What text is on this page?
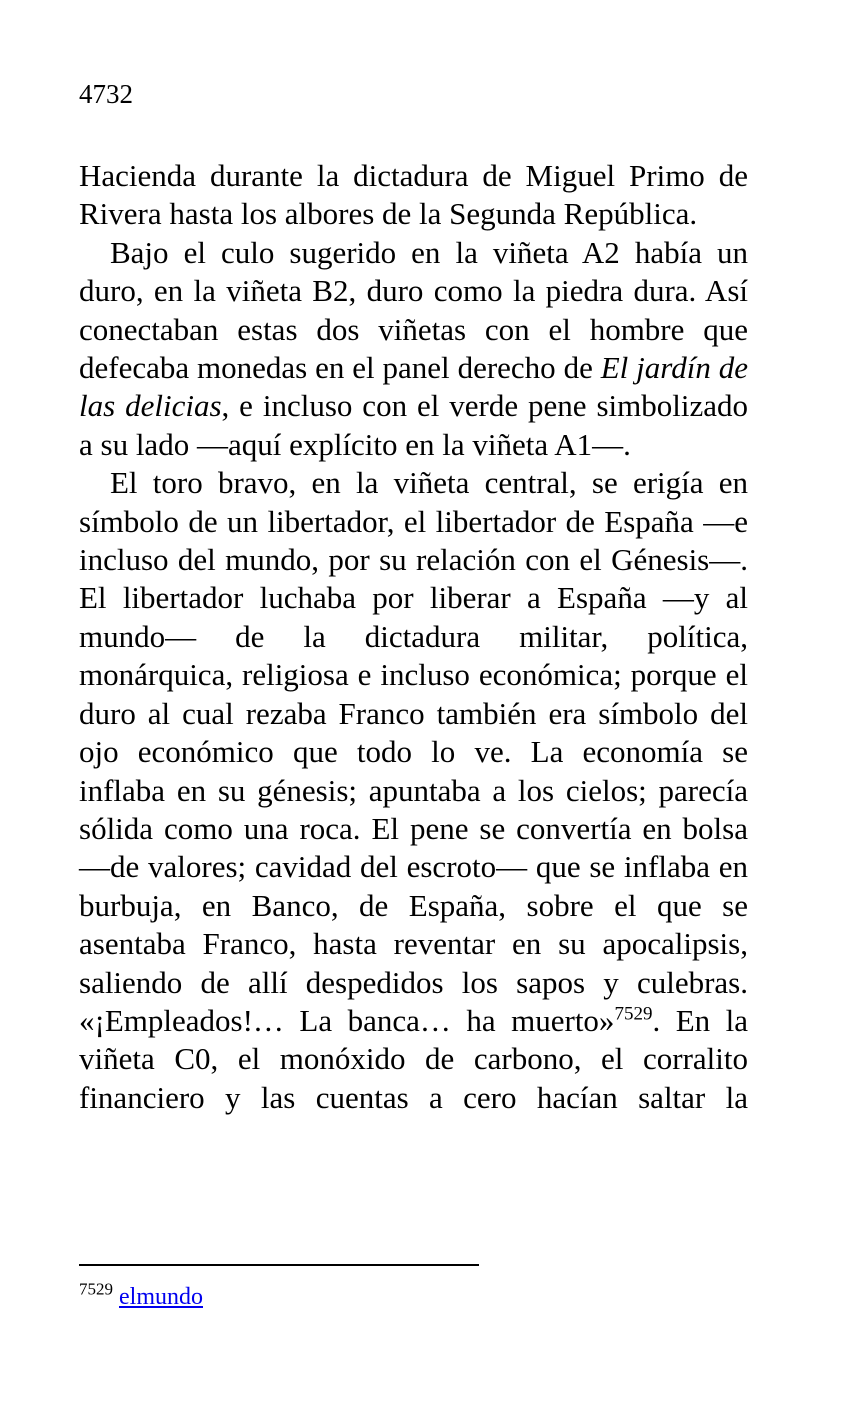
4732

Hacienda durante la dictadura de Miguel Primo de Rivera hasta los albores de la Segunda República.

Bajo el culo sugerido en la viñeta A2 había un duro, en la viñeta B2, duro como la piedra dura. Así conectaban estas dos viñetas con el hombre que defecaba monedas en el panel derecho de El jardín de las delicias, e incluso con el verde pene simbolizado a su lado —aquí explícito en la viñeta A1—.

El toro bravo, en la viñeta central, se erigía en símbolo de un libertador, el libertador de España —e incluso del mundo, por su relación con el Génesis—. El libertador luchaba por liberar a España —y al mundo— de la dictadura militar, política, monárquica, religiosa e incluso económica; porque el duro al cual rezaba Franco también era símbolo del ojo económico que todo lo ve. La economía se inflaba en su génesis; apuntaba a los cielos; parecía sólida como una roca. El pene se convertía en bolsa —de valores; cavidad del escroto— que se inflaba en burbuja, en Banco, de España, sobre el que se asentaba Franco, hasta reventar en su apocalipsis, saliendo de allí despedidos los sapos y culebras. «¡Empleados!… La banca… ha muerto»$^{7529}$. En la viñeta C0, el monóxido de carbono, el corralito financiero y las cuentas a cero hacían saltar la

$^{7529}$ elmundo
